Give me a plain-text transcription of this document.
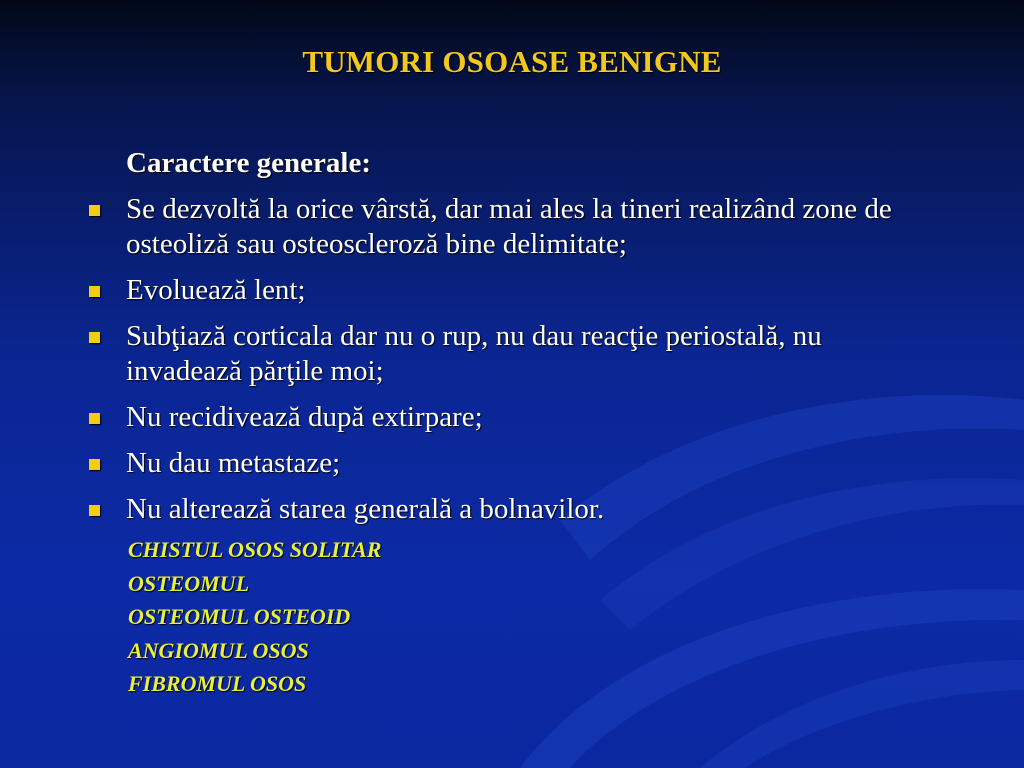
TUMORI OSOASE BENIGNE
Caractere generale:
Se dezvoltă la orice vârstă, dar mai ales la tineri realizând zone de osteoliză sau osteoscleroză bine delimitate;
Evoluează lent;
Subţiază corticala dar nu o rup, nu dau reacţie periostală, nu invadează părţile moi;
Nu recidivează după extirpare;
Nu dau metastaze;
Nu alterează starea generală a bolnavilor.
CHISTUL OSOS SOLITAR
OSTEOMUL
OSTEOMUL OSTEOID
ANGIOMUL OSOS
FIBROMUL OSOS
